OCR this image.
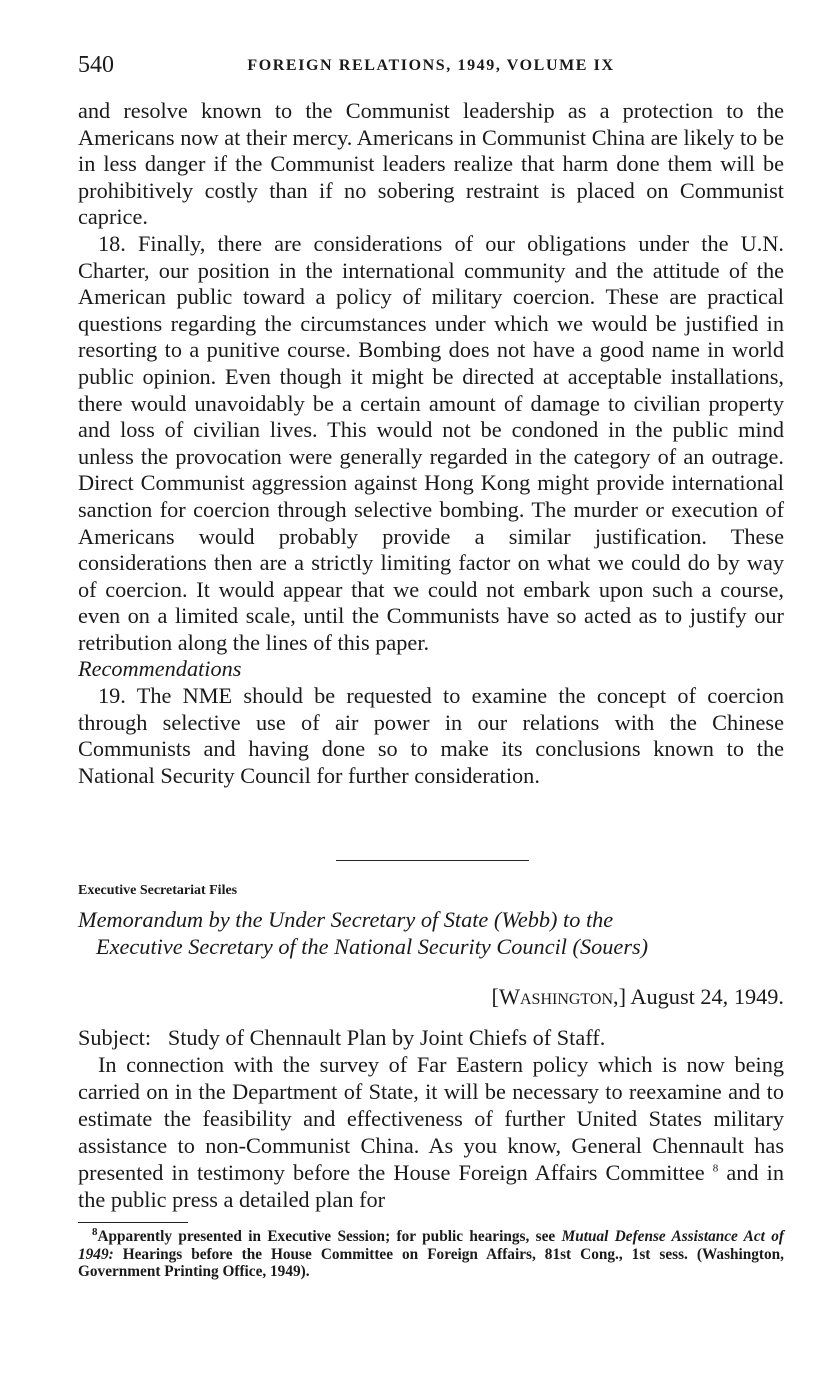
540	FOREIGN RELATIONS, 1949, VOLUME IX

and resolve known to the Communist leadership as a protection to the Americans now at their mercy. Americans in Communist China are likely to be in less danger if the Communist leaders realize that harm done them will be prohibitively costly than if no sobering restraint is placed on Communist caprice.

18. Finally, there are considerations of our obligations under the U.N. Charter, our position in the international community and the attitude of the American public toward a policy of military coercion. These are practical questions regarding the circumstances under which we would be justified in resorting to a punitive course. Bombing does not have a good name in world public opinion. Even though it might be directed at acceptable installations, there would unavoidably be a certain amount of damage to civilian property and loss of civilian lives. This would not be condoned in the public mind unless the provocation were generally regarded in the category of an outrage. Direct Communist aggression against Hong Kong might provide international sanction for coercion through selective bombing. The murder or execution of Americans would probably provide a similar justification. These considerations then are a strictly limiting factor on what we could do by way of coercion. It would appear that we could not embark upon such a course, even on a limited scale, until the Communists have so acted as to justify our retribution along the lines of this paper.

Recommendations

19. The NME should be requested to examine the concept of coercion through selective use of air power in our relations with the Chinese Communists and having done so to make its conclusions known to the National Security Council for further consideration.

Executive Secretariat Files
Memorandum by the Under Secretary of State (Webb) to the
Executive Secretary of the National Security Council (Souers)
[Washington,] August 24, 1949.

Subject: Study of Chennault Plan by Joint Chiefs of Staff.

In connection with the survey of Far Eastern policy which is now being carried on in the Department of State, it will be necessary to reexamine and to estimate the feasibility and effectiveness of further United States military assistance to non-Communist China. As you know, General Chennault has presented in testimony before the House Foreign Affairs Committee $^8$ and in the public press a detailed plan for

$^8$Apparently presented in Executive Session; for public hearings, see Mutual Defense Assistance Act of 1949: Hearings before the House Committee on Foreign Affairs, 81st Cong., 1st sess. (Washington, Government Printing Office, 1949).
